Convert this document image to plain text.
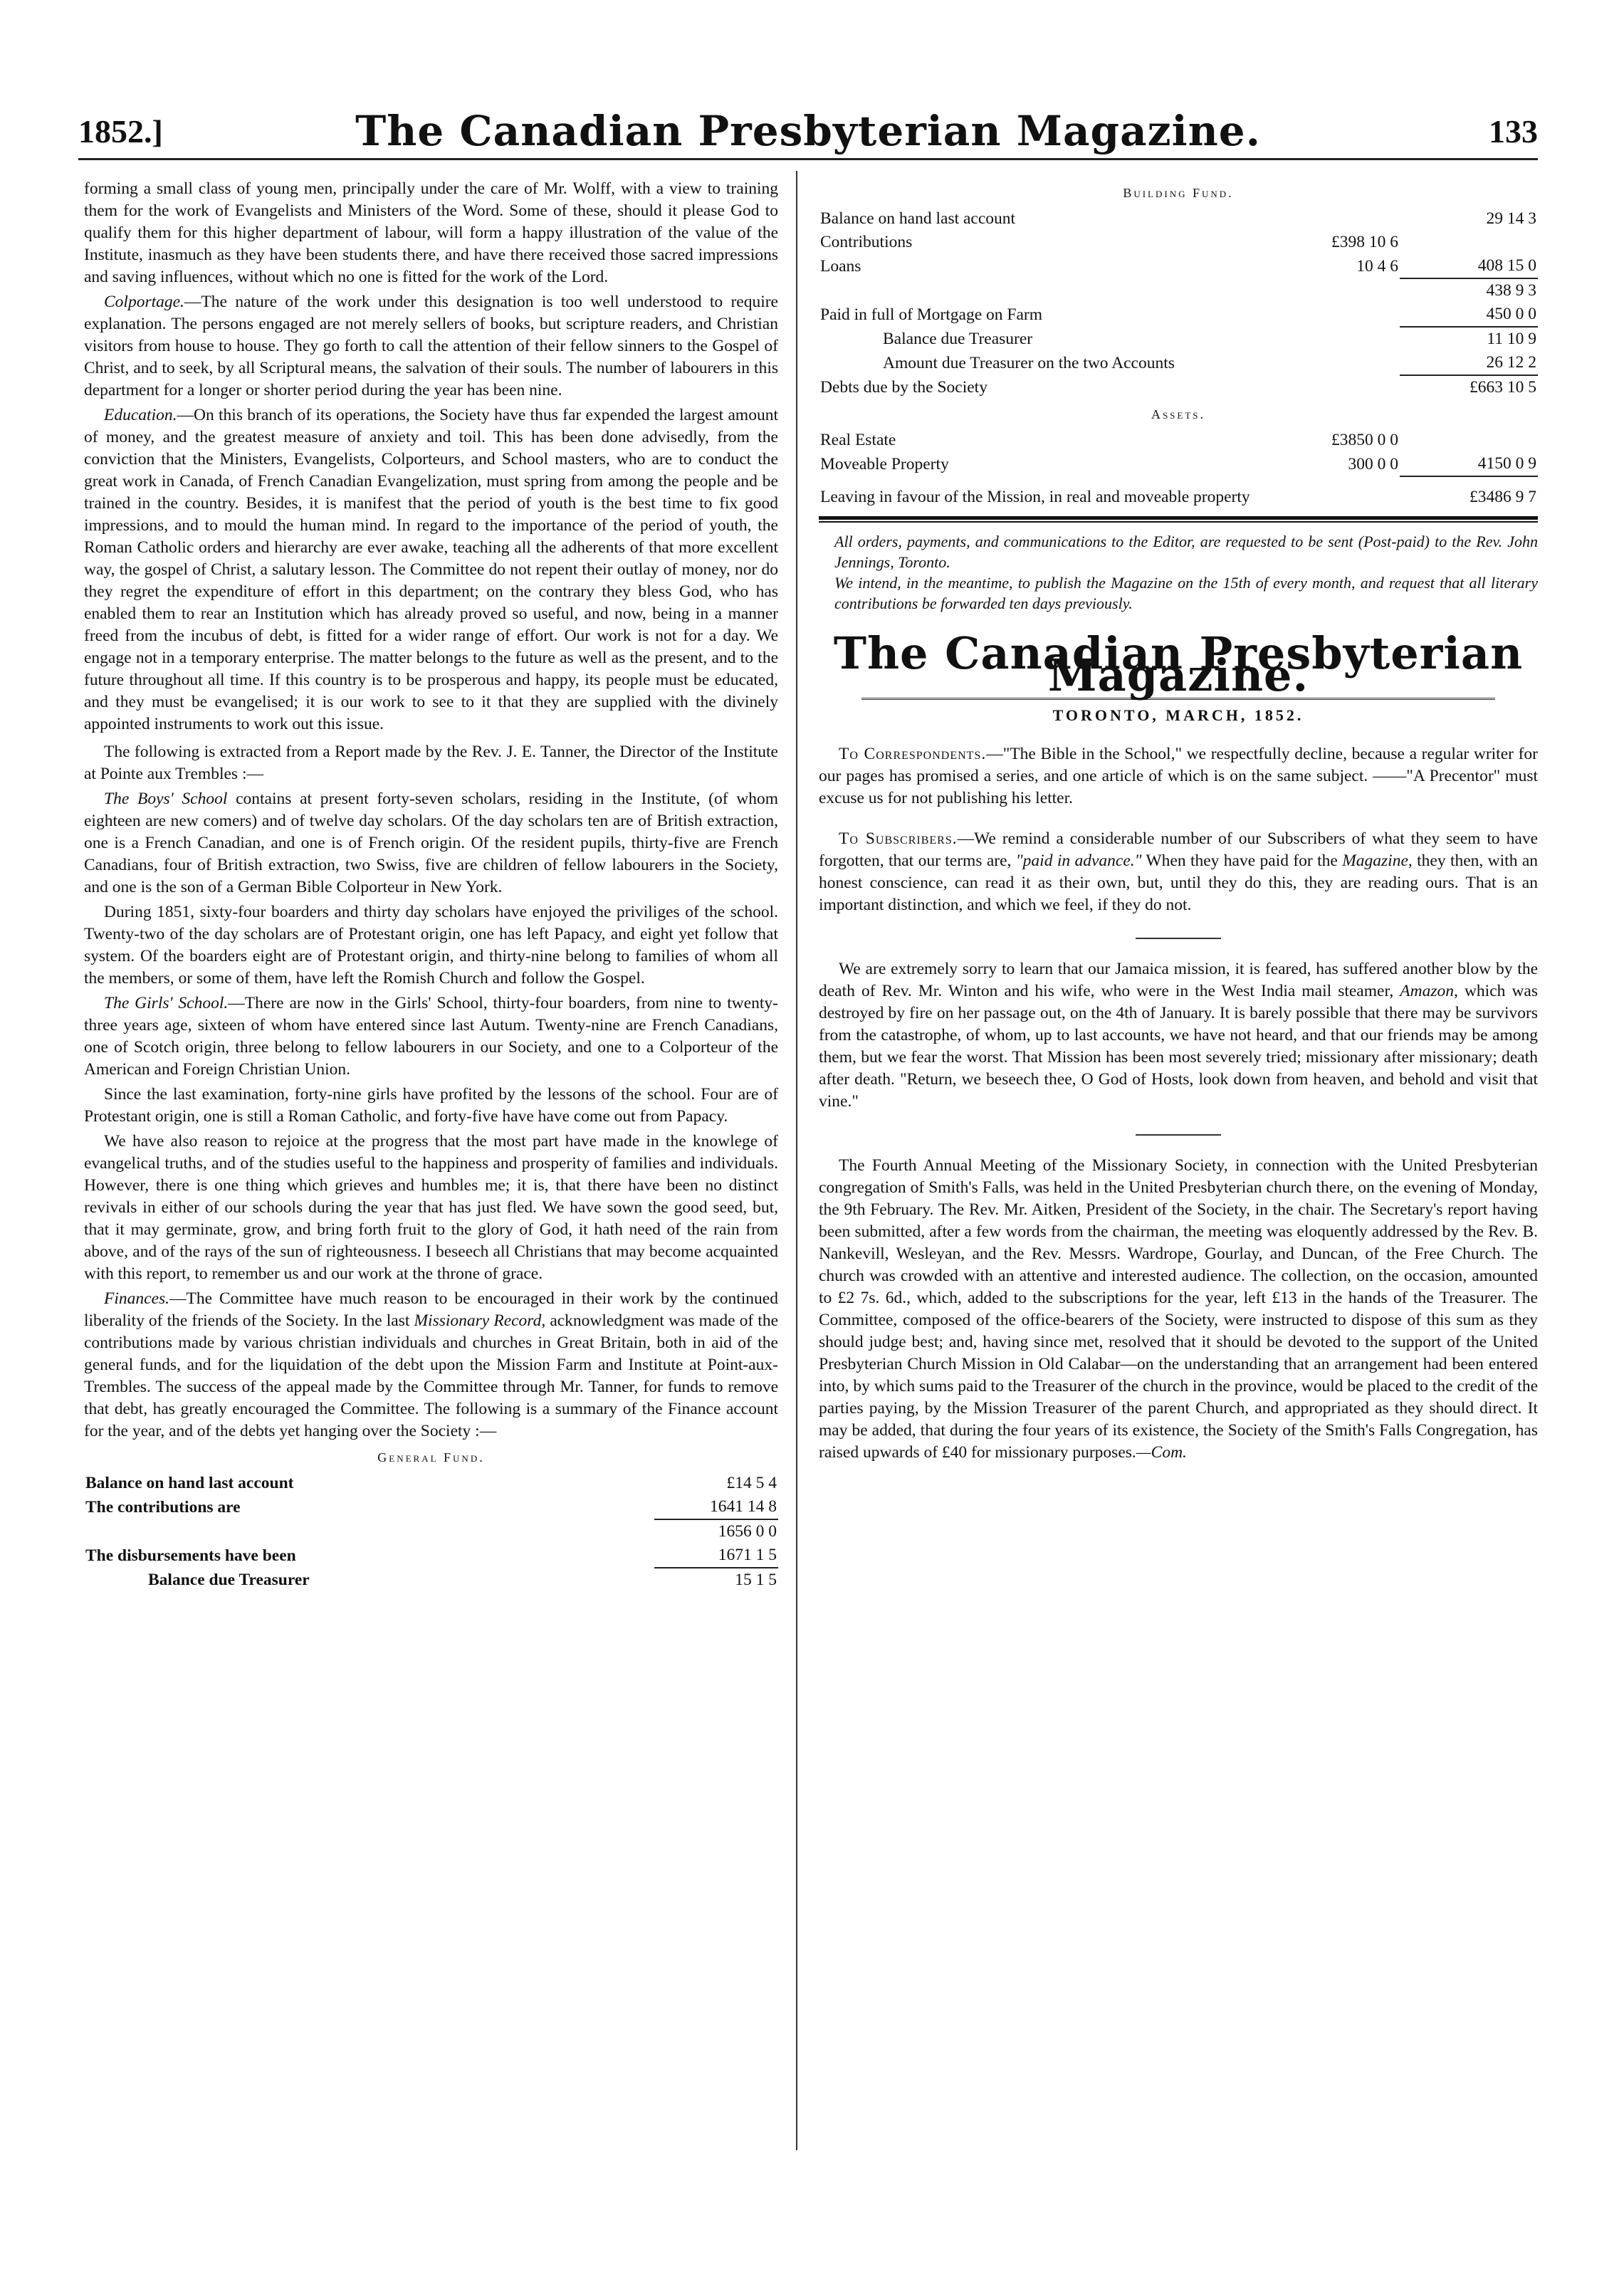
1852.]	The Canadian Presbyterian Magazine.	133

forming a small class of young men, principally under the care of Mr. Wolff, with a view to training them for the work of Evangelists and Ministers of the Word. Some of these, should it please God to qualify them for this higher department of labour, will form a happy illustration of the value of the Institute, inasmuch as they have been students there, and have there received those sacred impressions and saving influences, without which no one is fitted for the work of the Lord.

Colportage.—The nature of the work under this designation is too well understood to require explanation. The persons engaged are not merely sellers of books, but scripture readers, and Christian visitors from house to house. They go forth to call the attention of their fellow sinners to the Gospel of Christ, and to seek, by all Scriptural means, the salvation of their souls. The number of labourers in this department for a longer or shorter period during the year has been nine.

Education.—On this branch of its operations, the Society have thus far expended the largest amount of money, and the greatest measure of anxiety and toil. This has been done advisedly, from the conviction that the Ministers, Evangelists, Colporteurs, and School masters, who are to conduct the great work in Canada, of French Canadian Evangelization, must spring from among the people and be trained in the country. Besides, it is manifest that the period of youth is the best time to fix good impressions, and to mould the human mind. In regard to the importance of the period of youth, the Roman Catholic orders and hierarchy are ever awake, teaching all the adherents of that more excellent way, the gospel of Christ, a salutary lesson. The Committee do not repent their outlay of money, nor do they regret the expenditure of effort in this department; on the contrary they bless God, who has enabled them to rear an Institution which has already proved so useful, and now, being in a manner freed from the incubus of debt, is fitted for a wider range of effort. Our work is not for a day. We engage not in a temporary enterprise. The matter belongs to the future as well as the present, and to the future throughout all time. If this country is to be prosperous and happy, its people must be educated, and they must be evangelised; it is our work to see to it that they are supplied with the divinely appointed instruments to work out this issue.

The following is extracted from a Report made by the Rev. J. E. Tanner, the Director of the Institute at Pointe aux Trembles :—

The Boys' School contains at present forty-seven scholars, residing in the Institute, (of whom eighteen are new comers) and of twelve day scholars. Of the day scholars ten are of British extraction, one is a French Canadian, and one is of French origin. Of the resident pupils, thirty-five are French Canadians, four of British extraction, two Swiss, five are children of fellow labourers in the Society, and one is the son of a German Bible Colporteur in New York.

During 1851, sixty-four boarders and thirty day scholars have enjoyed the priviliges of the school. Twenty-two of the day scholars are of Protestant origin, one has left Papacy, and eight yet follow that system. Of the boarders eight are of Protestant origin, and thirty-nine belong to families of whom all the members, or some of them, have left the Romish Church and follow the Gospel.

The Girls' School.—There are now in the Girls' School, thirty-four boarders, from nine to twenty-three years age, sixteen of whom have entered since last Autum. Twenty-nine are French Canadians, one of Scotch origin, three belong to fellow labourers in our Society, and one to a Colporteur of the American and Foreign Christian Union.

Since the last examination, forty-nine girls have profited by the lessons of the school. Four are of Protestant origin, one is still a Roman Catholic, and forty-five have have come out from Papacy.

We have also reason to rejoice at the progress that the most part have made in the knowlege of evangelical truths, and of the studies useful to the happiness and prosperity of families and individuals. However, there is one thing which grieves and humbles me; it is, that there have been no distinct revivals in either of our schools during the year that has just fled. We have sown the good seed, but, that it may germinate, grow, and bring forth fruit to the glory of God, it hath need of the rain from above, and of the rays of the sun of righteousness. I beseech all Christians that may become acquainted with this report, to remember us and our work at the throne of grace.

Finances.—The Committee have much reason to be encouraged in their work by the continued liberality of the friends of the Society. In the last Missionary Record, acknowledgment was made of the contributions made by various christian individuals and churches in Great Britain, both in aid of the general funds, and for the liquidation of the debt upon the Mission Farm and Institute at Point-aux-Trembles. The success of the appeal made by the Committee through Mr. Tanner, for funds to remove that debt, has greatly encouraged the Committee. The following is a summary of the Finance account for the year, and of the debts yet hanging over the Society :—

General Fund.
Balance on hand last account	£14 5 4
The contributions are	1641 14 8
	1656 0 0
The disbursements have been	1671 1 5
Balance due Treasurer	15 1 5
Building Fund.
Balance on hand last account		29 14 3
Contributions	£398 10 6	
Loans	10 4 6	408 15 0
		438 9 3
Paid in full of Mortgage on Farm		450 0 0
Balance due Treasurer		11 10 9
Amount due Treasurer on the two Accounts		26 12 2
Debts due by the Society		£663 10 5
Assets.
Real Estate	£3850 0 0	
Moveable Property	300 0 0	4150 0 9
Leaving in favour of the Mission, in real and moveable property		£3486 9 7

All orders, payments, and communications to the Editor, are requested to be sent (Post-paid) to the Rev. John Jennings, Toronto.

We intend, in the meantime, to publish the Magazine on the 15th of every month, and request that all literary contributions be forwarded ten days previously.

The Canadian Presbyterian Magazine.
TORONTO, MARCH, 1852.

To Correspondents.—"The Bible in the School," we respectfully decline, because a regular writer for our pages has promised a series, and one article of which is on the same subject. ——"A Precentor" must excuse us for not publishing his letter.

To Subscribers.—We remind a considerable number of our Subscribers of what they seem to have forgotten, that our terms are, "paid in advance." When they have paid for the Magazine, they then, with an honest conscience, can read it as their own, but, until they do this, they are reading ours. That is an important distinction, and which we feel, if they do not.

We are extremely sorry to learn that our Jamaica mission, it is feared, has suffered another blow by the death of Rev. Mr. Winton and his wife, who were in the West India mail steamer, Amazon, which was destroyed by fire on her passage out, on the 4th of January. It is barely possible that there may be survivors from the catastrophe, of whom, up to last accounts, we have not heard, and that our friends may be among them, but we fear the worst. That Mission has been most severely tried; missionary after missionary; death after death. "Return, we beseech thee, O God of Hosts, look down from heaven, and behold and visit that vine."

The Fourth Annual Meeting of the Missionary Society, in connection with the United Presbyterian congregation of Smith's Falls, was held in the United Presbyterian church there, on the evening of Monday, the 9th February. The Rev. Mr. Aitken, President of the Society, in the chair. The Secretary's report having been submitted, after a few words from the chairman, the meeting was eloquently addressed by the Rev. B. Nankevill, Wesleyan, and the Rev. Messrs. Wardrope, Gourlay, and Duncan, of the Free Church. The church was crowded with an attentive and interested audience. The collection, on the occasion, amounted to £2 7s. 6d., which, added to the subscriptions for the year, left £13 in the hands of the Treasurer. The Committee, composed of the office-bearers of the Society, were instructed to dispose of this sum as they should judge best; and, having since met, resolved that it should be devoted to the support of the United Presbyterian Church Mission in Old Calabar—on the understanding that an arrangement had been entered into, by which sums paid to the Treasurer of the church in the province, would be placed to the credit of the parties paying, by the Mission Treasurer of the parent Church, and appropriated as they should direct. It may be added, that during the four years of its existence, the Society of the Smith's Falls Congregation, has raised upwards of £40 for missionary purposes.—Com.
